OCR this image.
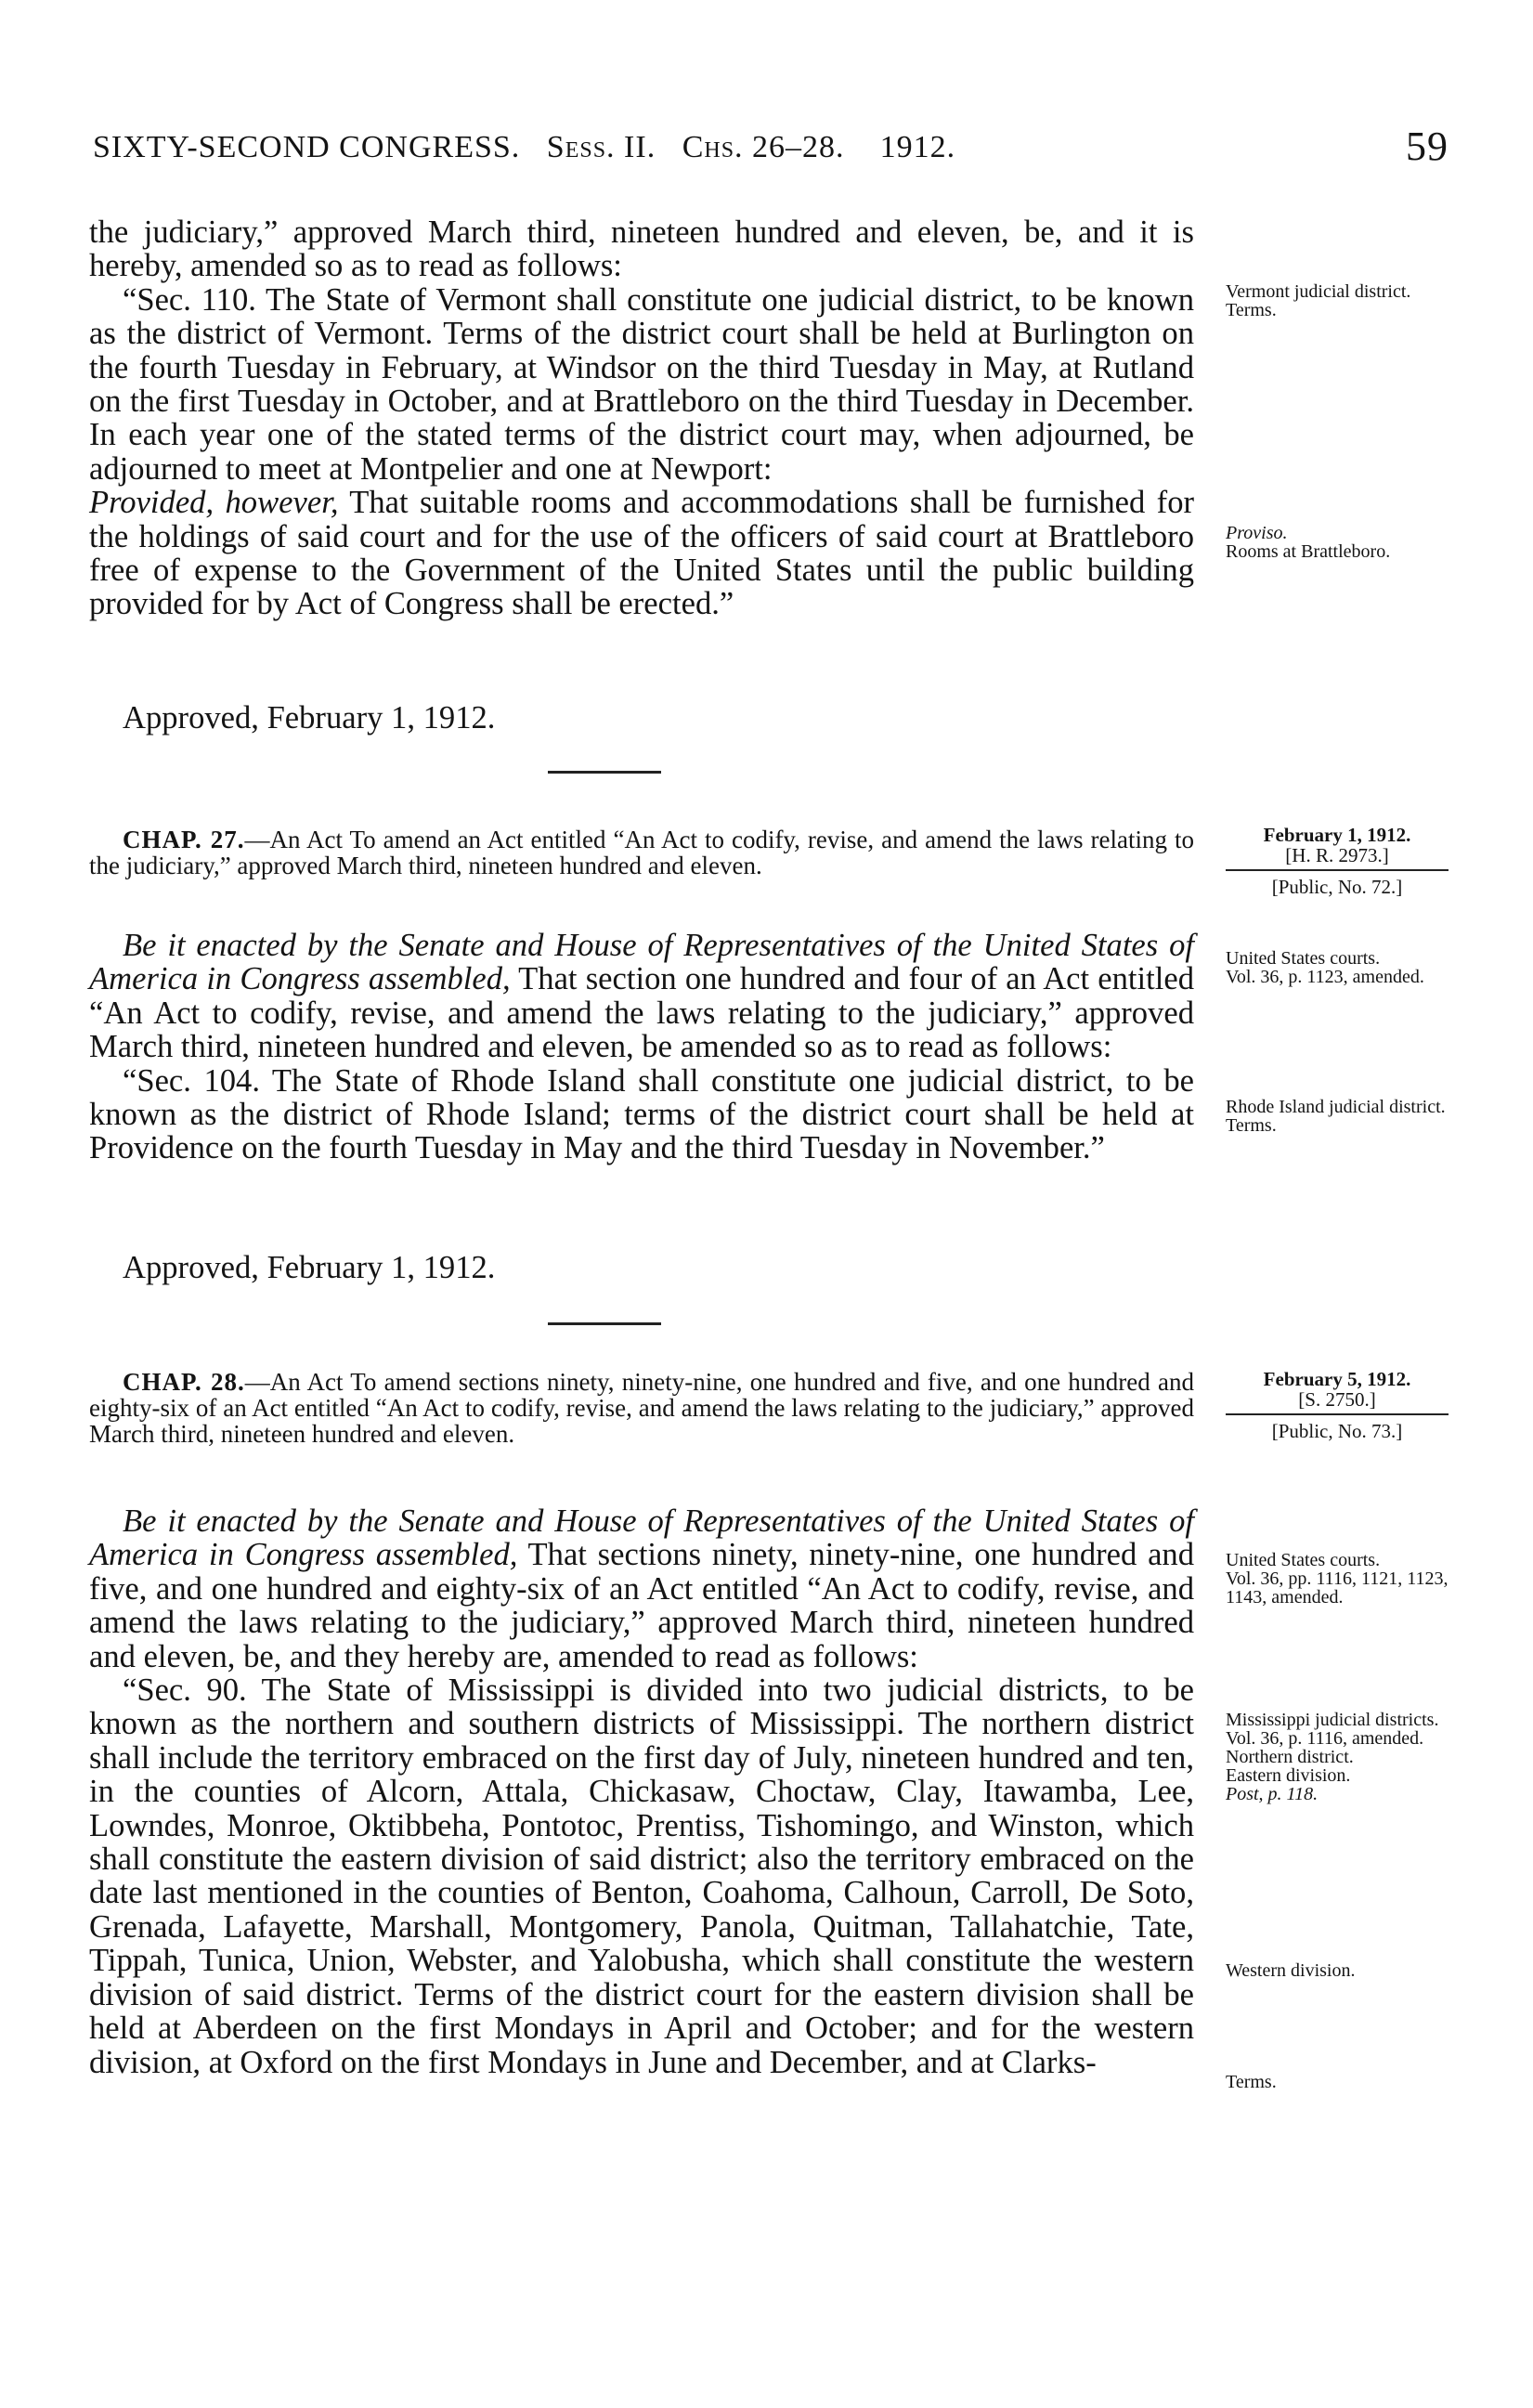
SIXTY-SECOND CONGRESS. Sess. II. Chs. 26–28. 1912.	59

the judiciary,” approved March third, nineteen hundred and eleven, be, and it is hereby, amended so as to read as follows:

“Sec. 110. The State of Vermont shall constitute one judicial district, to be known as the district of Vermont. Terms of the district court shall be held at Burlington on the fourth Tuesday in February, at Windsor on the third Tuesday in May, at Rutland on the first Tuesday in October, and at Brattleboro on the third Tuesday in December. In each year one of the stated terms of the district court may, when adjourned, be adjourned to meet at Montpelier and one at Newport:

Provided, however, That suitable rooms and accommodations shall be furnished for the holdings of said court and for the use of the officers of said court at Brattleboro free of expense to the Government of the United States until the public building provided for by Act of Congress shall be erected.”

Approved, February 1, 1912.
Vermont judicial district.
Terms.
Proviso.
Rooms at Brattleboro.

CHAP. 27.—An Act To amend an Act entitled “An Act to codify, revise, and amend the laws relating to the judiciary,” approved March third, nineteen hundred and eleven.

February 1, 1912.
[H. R. 2973.]
[Public, No. 72.]

Be it enacted by the Senate and House of Representatives of the United States of America in Congress assembled, That section one hundred and four of an Act entitled “An Act to codify, revise, and amend the laws relating to the judiciary,” approved March third, nineteen hundred and eleven, be amended so as to read as follows:

“Sec. 104. The State of Rhode Island shall constitute one judicial district, to be known as the district of Rhode Island; terms of the district court shall be held at Providence on the fourth Tuesday in May and the third Tuesday in November.”

Approved, February 1, 1912.
United States courts.
Vol. 36, p. 1123, amended.
Rhode Island judicial district.
Terms.

CHAP. 28.—An Act To amend sections ninety, ninety-nine, one hundred and five, and one hundred and eighty-six of an Act entitled “An Act to codify, revise, and amend the laws relating to the judiciary,” approved March third, nineteen hundred and eleven.

February 5, 1912.
[S. 2750.]
[Public, No. 73.]

Be it enacted by the Senate and House of Representatives of the United States of America in Congress assembled, That sections ninety, ninety-nine, one hundred and five, and one hundred and eighty-six of an Act entitled “An Act to codify, revise, and amend the laws relating to the judiciary,” approved March third, nineteen hundred and eleven, be, and they hereby are, amended to read as follows:

“Sec. 90. The State of Mississippi is divided into two judicial districts, to be known as the northern and southern districts of Mississippi. The northern district shall include the territory embraced on the first day of July, nineteen hundred and ten, in the counties of Alcorn, Attala, Chickasaw, Choctaw, Clay, Itawamba, Lee, Lowndes, Monroe, Oktibbeha, Pontotoc, Prentiss, Tishomingo, and Winston, which shall constitute the eastern division of said district; also the territory embraced on the date last mentioned in the counties of Benton, Coahoma, Calhoun, Carroll, De Soto, Grenada, Lafayette, Marshall, Montgomery, Panola, Quitman, Tallahatchie, Tate, Tippah, Tunica, Union, Webster, and Yalobusha, which shall constitute the western division of said district. Terms of the district court for the eastern division shall be held at Aberdeen on the first Mondays in April and October; and for the western division, at Oxford on the first Mondays in June and December, and at Clarks-

United States courts.
Vol. 36, pp. 1116, 1121, 1123, 1143, amended.
Mississippi judicial districts.
Vol. 36, p. 1116, amended.
Northern district.
Eastern division.
Post, p. 118.
Western division.
Terms.
